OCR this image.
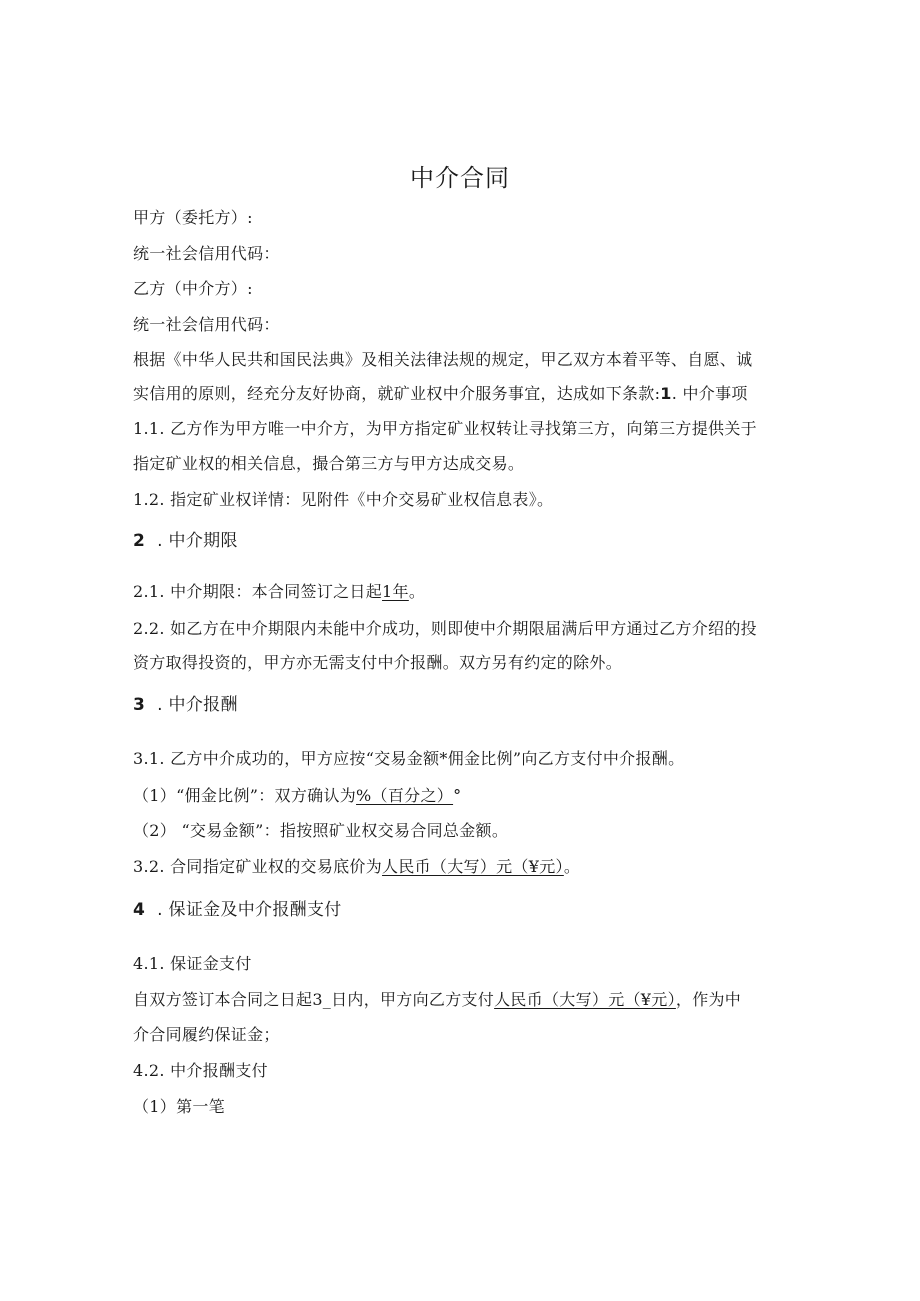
中介合同
甲方（委托方）:
统一社会信用代码：
乙方（中介方）:
统一社会信用代码：
根据《中华人民共和国民法典》及相关法律法规的规定，甲乙双方本着平等、自愿、诚
实信用的原则，经充分友好协商，就矿业权中介服务事宜，达成如下条款:1. 中介事项
1.1. 乙方作为甲方唯一中介方，为甲方指定矿业权转让寻找第三方，向第三方提供关于
指定矿业权的相关信息，撮合第三方与甲方达成交易。
1.2. 指定矿业权详情：见附件《中介交易矿业权信息表》。
2 . 中介期限
2.1. 中介期限：本合同签订之日起1年。
2.2. 如乙方在中介期限内未能中介成功，则即使中介期限届满后甲方通过乙方介绍的投
资方取得投资的，甲方亦无需支付中介报酬。双方另有约定的除外。
3 . 中介报酬
3.1. 乙方中介成功的，甲方应按“交易金额*佣金比例”向乙方支付中介报酬。
（1）“佣金比例”：双方确认为%（百分之）°
（2） “交易金额”：指按照矿业权交易合同总金额。
3.2. 合同指定矿业权的交易底价为人民币（大写）元（¥元）。
4 . 保证金及中介报酬支付
4.1. 保证金支付
自双方签订本合同之日起3_日内，甲方向乙方支付人民币（大写）元（¥元），作为中
介合同履约保证金；
4.2. 中介报酬支付
（1）第一笔
